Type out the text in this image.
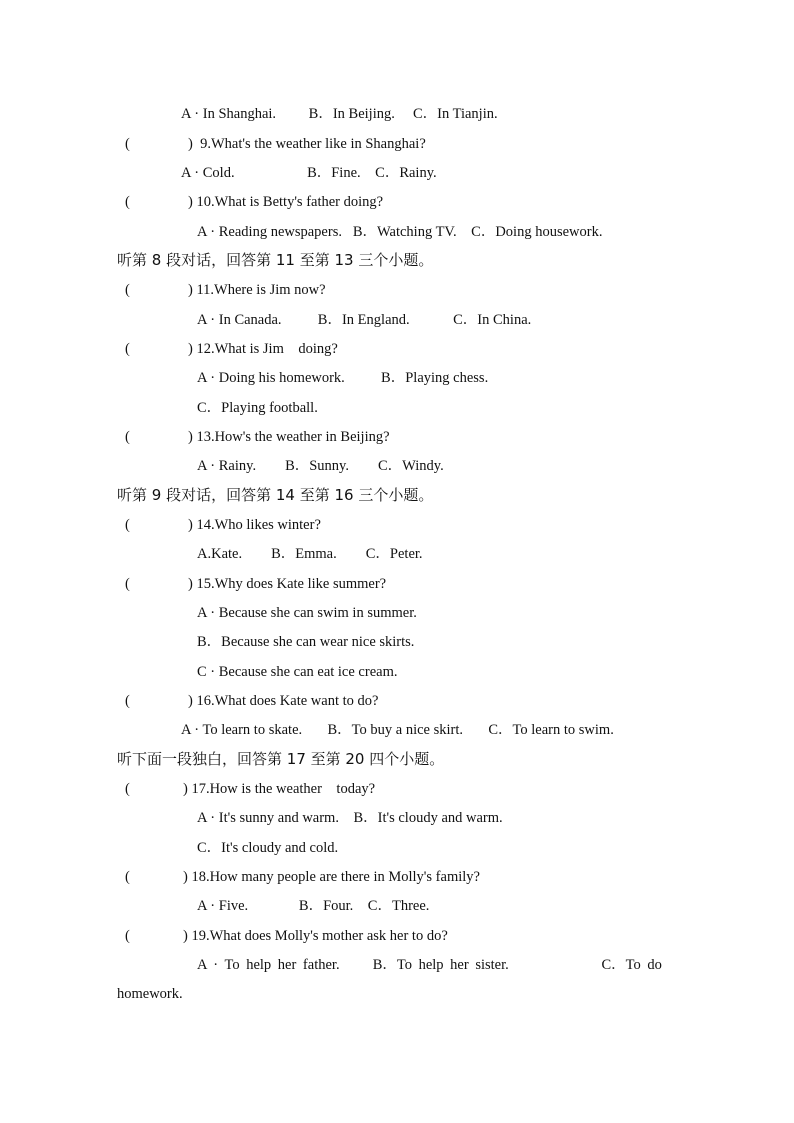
A · In Shanghai.         B．In Beijing.     C．In Tianjin.
(	)  9.What's the weather like in Shanghai?
A · Cold.                    B．Fine.    C．Rainy.
(	) 10.What is Betty's father doing?
A · Reading newspapers.   B．Watching TV.    C．Doing housework.
听第 8 段对话，回答第 11 至第 13 三个小题。
(	) 11.Where is Jim now?
A · In Canada.          B．In England.            C．In China.
(	) 12.What is Jim    doing?
A · Doing his homework.          B．Playing chess.
C．Playing football.
(	) 13.How's the weather in Beijing?
A · Rainy.        B．Sunny.        C．Windy.
听第 9 段对话，回答第 14 至第 16 三个小题。
(	) 14.Who likes winter?
A.Kate.        B．Emma.        C．Peter.
(	) 15.Why does Kate like summer?
A · Because she can swim in summer.
B．Because she can wear nice skirts.
C · Because she can eat ice cream.
(	) 16.What does Kate want to do?
A · To learn to skate.       B．To buy a nice skirt.       C．To learn to swim.
听下面一段独白，回答第 17 至第 20 四个小题。
(	) 17.How is the weather    today?
A · It's sunny and warm.    B．It's cloudy and warm.
C．It's cloudy and cold.
(	) 18.How many people are there in Molly's family?
A · Five.              B．Four.    C．Three.
(	) 19.What does Molly's mother ask her to do?
A · To help her father.     B．To help her sister.              C．To do
homework.
